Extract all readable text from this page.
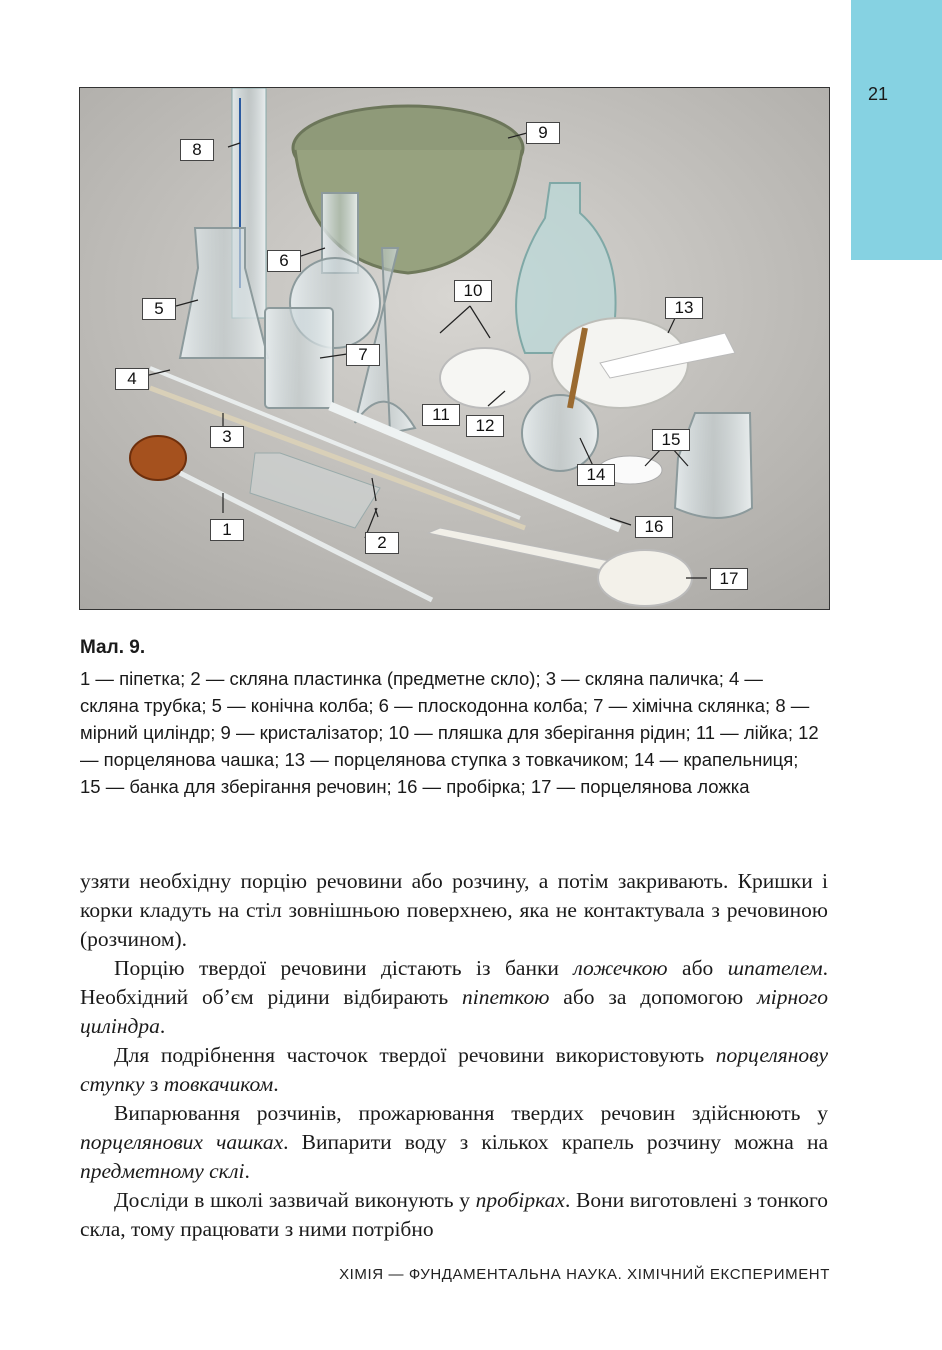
21
8
9
6
5
10
13
7
4
11
12
3	15
14
16
1
2
17
Мал. 9.
1 — піпетка; 2 — скляна пластинка (предметне скло); 3 — скляна паличка; 4 — скляна трубка; 5 — конічна колба; 6 — плоскодонна колба; 7 — хімічна склянка; 8 — мірний циліндр; 9 — кристалізатор; 10 — пляшка для зберігання рідин; 11 — лійка; 12 — порцелянова чашка; 13 — порцелянова ступка з товкачиком; 14 — крапельниця; 15 — банка для зберігання речовин; 16 — пробірка; 17 — порцелянова ложка

узяти необхідну порцію речовини або розчину, а потім закривають. Кришки і корки кладуть на стіл зовнішньою поверхнею, яка не контактувала з речовиною (розчином).

Порцію твердої речовини дістають із банки ложечкою або шпателем. Необхідний об’єм рідини відбирають піпеткою або за допомогою мірного циліндра.

Для подрібнення часточок твердої речовини використовують порцелянову ступку з товкачиком.

Випарювання розчинів, прожарювання твердих речовин здійснюють у порцелянових чашках. Випарити воду з кількох крапель розчину можна на предметному склі.

Досліди в школі зазвичай виконують у пробірках. Вони виготовлені з тонкого скла, тому працювати з ними потрібно

ХІМІЯ — ФУНДАМЕНТАЛЬНА НАУКА. ХІМІЧНИЙ ЕКСПЕРИМЕНТ
